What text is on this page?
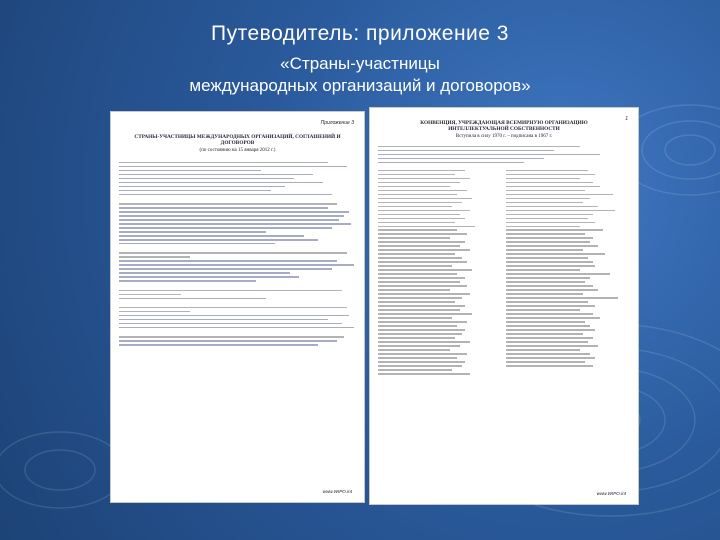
Путеводитель: приложение 3
«Страны-участницы
международных организаций и договоров»
Приложение 3
СТРАНЫ-УЧАСТНИЦЫ МЕЖДУНАРОДНЫХ ОРГАНИЗАЦИЙ, СОГЛАШЕНИЙ И ДОГОВОРОВ
(по состоянию на 15 января 2012 г.)
www.WIPO.int
1
КОНВЕНЦИЯ, УЧРЕЖДАЮЩАЯ ВСЕМИРНУЮ ОРГАНИЗАЦИЮ ИНТЕЛЛЕКТУАЛЬНОЙ СОБСТВЕННОСТИ
Вступила в силу 1970 г. – подписана в 1967 г.
www.WIPO.int
